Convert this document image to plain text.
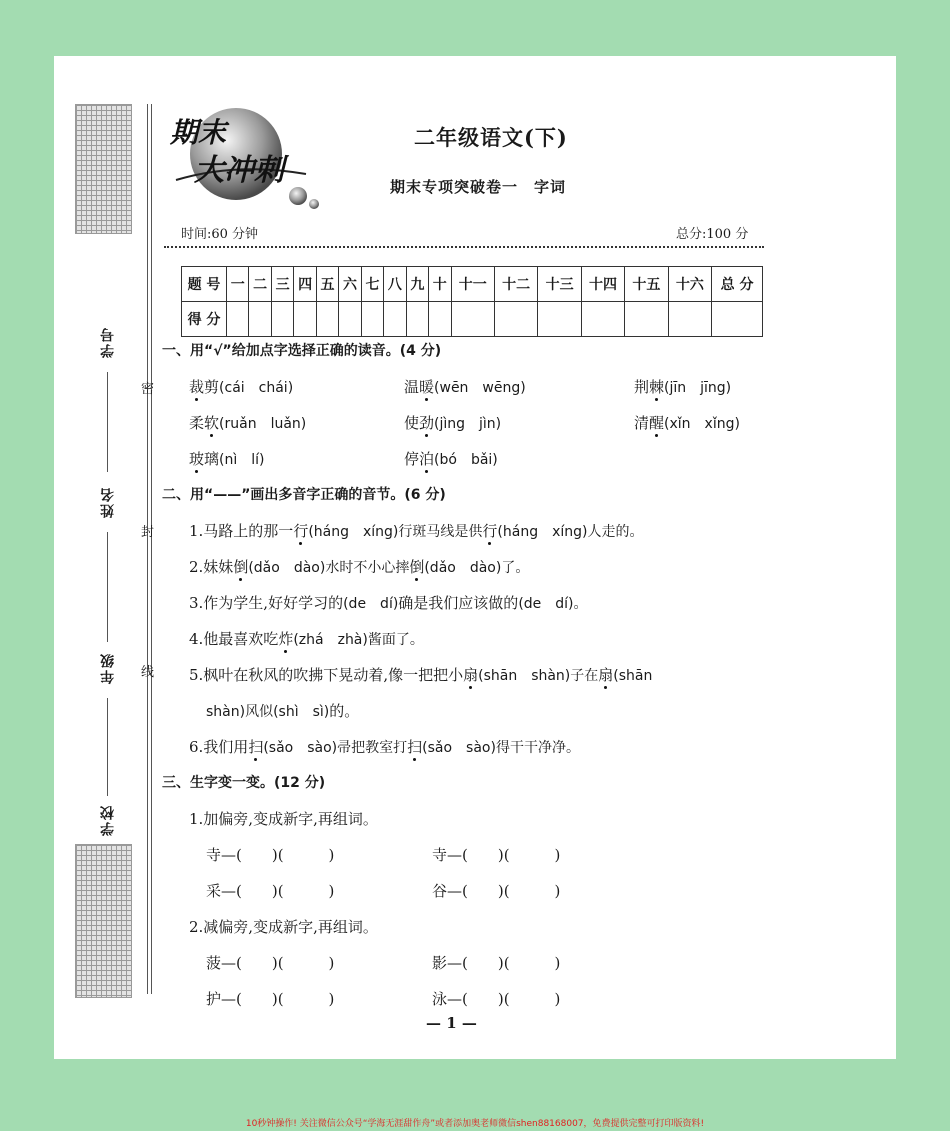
学号
姓名
年级
学校
密
封
线
期末
大冲刺
二年级语文(下)
期末专项突破卷一　字词
时间:60 分钟	总分:100 分
题 号	一	二	三	四	五	六	七	八	九	十	十一	十二	十三	十四	十五	十六	总 分
得 分																	
一、用“√”给加点字选择正确的读音。(4 分)
裁剪(cái　chái)	温暖(wēn　wēng)	荆棘(jīn　jīng)
柔软(ruǎn　luǎn)	使劲(jìng　jìn)	清醒(xǐn　xǐng)
玻璃(nì　lí)	停泊(bó　bǎi)
二、用“——”画出多音字正确的音节。(6 分)
1.马路上的那一行(háng　xíng)行斑马线是供行(háng　xíng)人走的。
2.妹妹倒(dǎo　dào)水时不小心摔倒(dǎo　dào)了。
3.作为学生,好好学习的(de　dí)确是我们应该做的(de　dí)。
4.他最喜欢吃炸(zhá　zhà)酱面了。
5.枫叶在秋风的吹拂下晃动着,像一把把小扇(shān　shàn)子在扇(shān
shàn)风似(shì　sì)的。
6.我们用扫(sǎo　sào)帚把教室打扫(sǎo　sào)得干干净净。
三、生字变一变。(12 分)
1.加偏旁,变成新字,再组词。
寺—(　　)(　　　)	寺—(　　)(　　　)
采—(　　)(　　　)	谷—(　　)(　　　)
2.减偏旁,变成新字,再组词。
菠—(　　)(　　　)	影—(　　)(　　　)
护—(　　)(　　　)	泳—(　　)(　　　)
— 1 —
10秒钟操作! 关注微信公众号“学海无涯甜作舟”或者添加奥老师微信shen88168007，免费提供完整可打印版资料!
